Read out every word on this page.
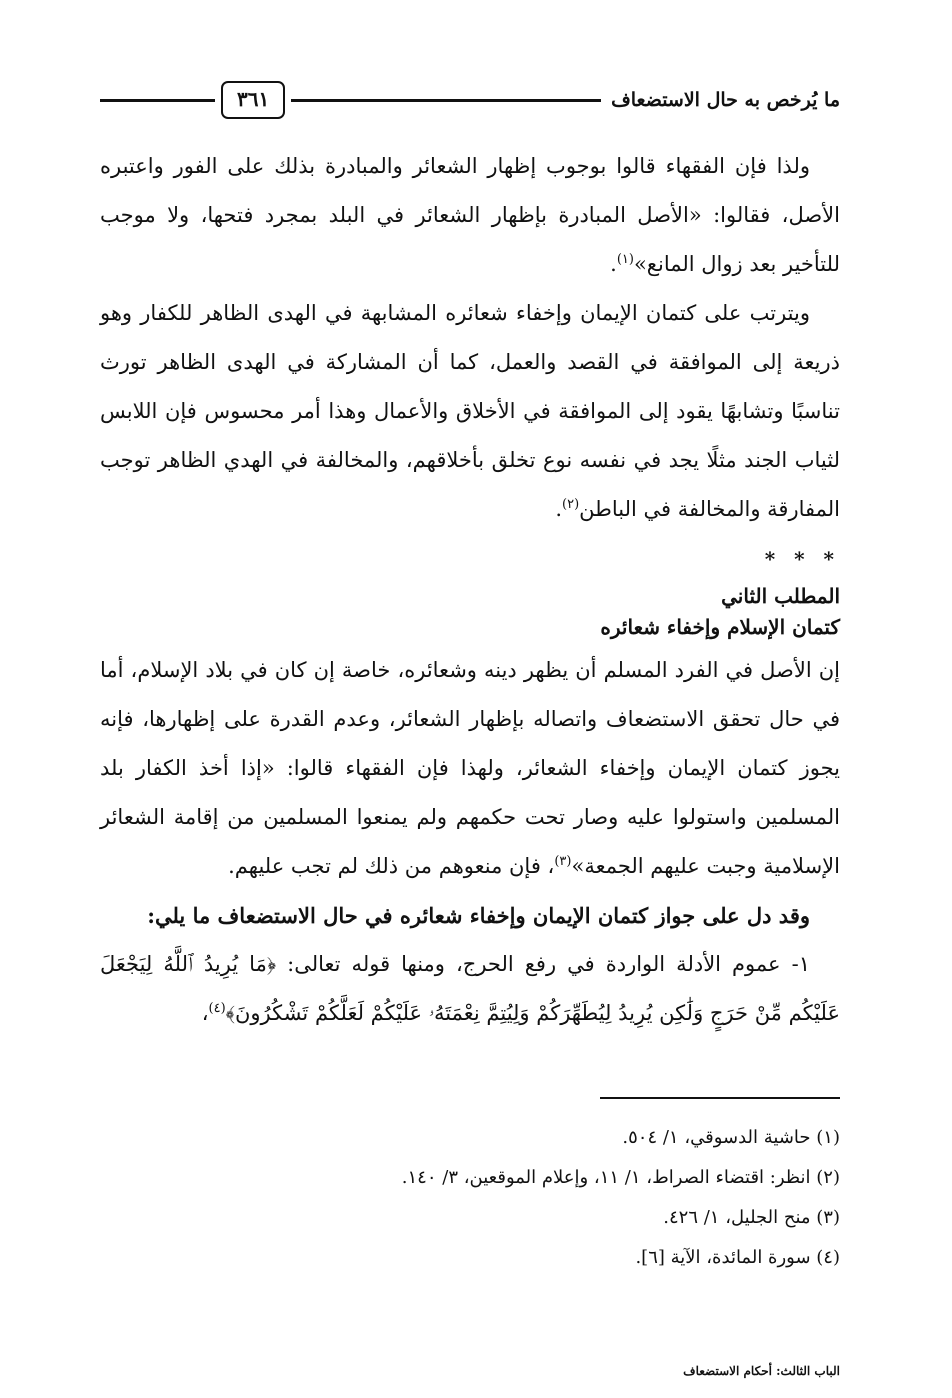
ما يُرخص به حال الاستضعاف
٣٦١

ولذا فإن الفقهاء قالوا بوجوب إظهار الشعائر والمبادرة بذلك على الفور واعتبره الأصل، فقالوا: «الأصل المبادرة بإظهار الشعائر في البلد بمجرد فتحها، ولا موجب للتأخير بعد زوال المانع»$^{(١)}$.

ويترتب على كتمان الإيمان وإخفاء شعائره المشابهة في الهدى الظاهر للكفار وهو ذريعة إلى الموافقة في القصد والعمل، كما أن المشاركة في الهدى الظاهر تورث تناسبًا وتشابهًا يقود إلى الموافقة في الأخلاق والأعمال وهذا أمر محسوس فإن اللابس لثياب الجند مثلًا يجد في نفسه نوع تخلق بأخلاقهم، والمخالفة في الهدي الظاهر توجب المفارقة والمخالفة في الباطن$^{(٢)}$.

* * *

المطلب الثاني

كتمان الإسلام وإخفاء شعائره

إن الأصل في الفرد المسلم أن يظهر دينه وشعائره، خاصة إن كان في بلاد الإسلام، أما في حال تحقق الاستضعاف واتصاله بإظهار الشعائر، وعدم القدرة على إظهارها، فإنه يجوز كتمان الإيمان وإخفاء الشعائر، ولهذا فإن الفقهاء قالوا: «إذا أخذ الكفار بلد المسلمين واستولوا عليه وصار تحت حكمهم ولم يمنعوا المسلمين من إقامة الشعائر الإسلامية وجبت عليهم الجمعة»$^{(٣)}$، فإن منعوهم من ذلك لم تجب عليهم.

وقد دل على جواز كتمان الإيمان وإخفاء شعائره في حال الاستضعاف ما يلي:

١- عموم الأدلة الواردة في رفع الحرج، ومنها قوله تعالى: ﴿مَا يُرِيدُ ٱللَّهُ لِيَجْعَلَ عَلَيْكُم مِّنْ حَرَجٍ وَلَٰكِن يُرِيدُ لِيُطَهِّرَكُمْ وَلِيُتِمَّ نِعْمَتَهُۥ عَلَيْكُمْ لَعَلَّكُمْ تَشْكُرُونَ﴾$^{(٤)}$،

(١) حاشية الدسوقي، ١/ ٥٠٤.

(٢) انظر: اقتضاء الصراط، ١/ ١١، وإعلام الموقعين، ٣/ ١٤٠.

(٣) منح الجليل، ١/ ٤٢٦.

(٤) سورة المائدة، الآية [٦].

الباب الثالث: أحكام الاستضعاف
